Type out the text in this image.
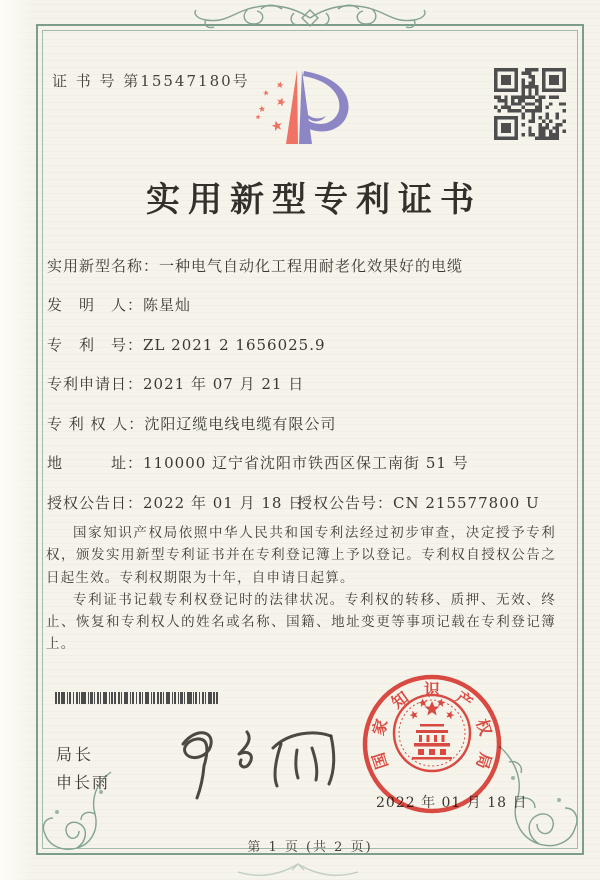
证 书 号 第15547180号
实用新型专利证书
实用新型名称：一种电气自动化工程用耐老化效果好的电缆
发　明　人：陈星灿
专　利　号：ZL 2021 2 1656025.9
专利申请日：2021 年 07 月 21 日
专 利 权 人：沈阳辽缆电线电缆有限公司
地　　　址：110000 辽宁省沈阳市铁西区保工南街 51 号
授权公告日：2022 年 01 月 18 日
授权公告号：CN 215577800 U

国家知识产权局依照中华人民共和国专利法经过初步审查，决定授予专利权，颁发实用新型专利证书并在专利登记簿上予以登记。专利权自授权公告之日起生效。专利权期限为十年，自申请日起算。

专利证书记载专利权登记时的法律状况。专利权的转移、质押、无效、终止、恢复和专利权人的姓名或名称、国籍、地址变更等事项记载在专利登记簿上。

局长
申长雨
国
家
知 识 产
权
局
2022 年 01 月 18 日
第 1 页 (共 2 页)
